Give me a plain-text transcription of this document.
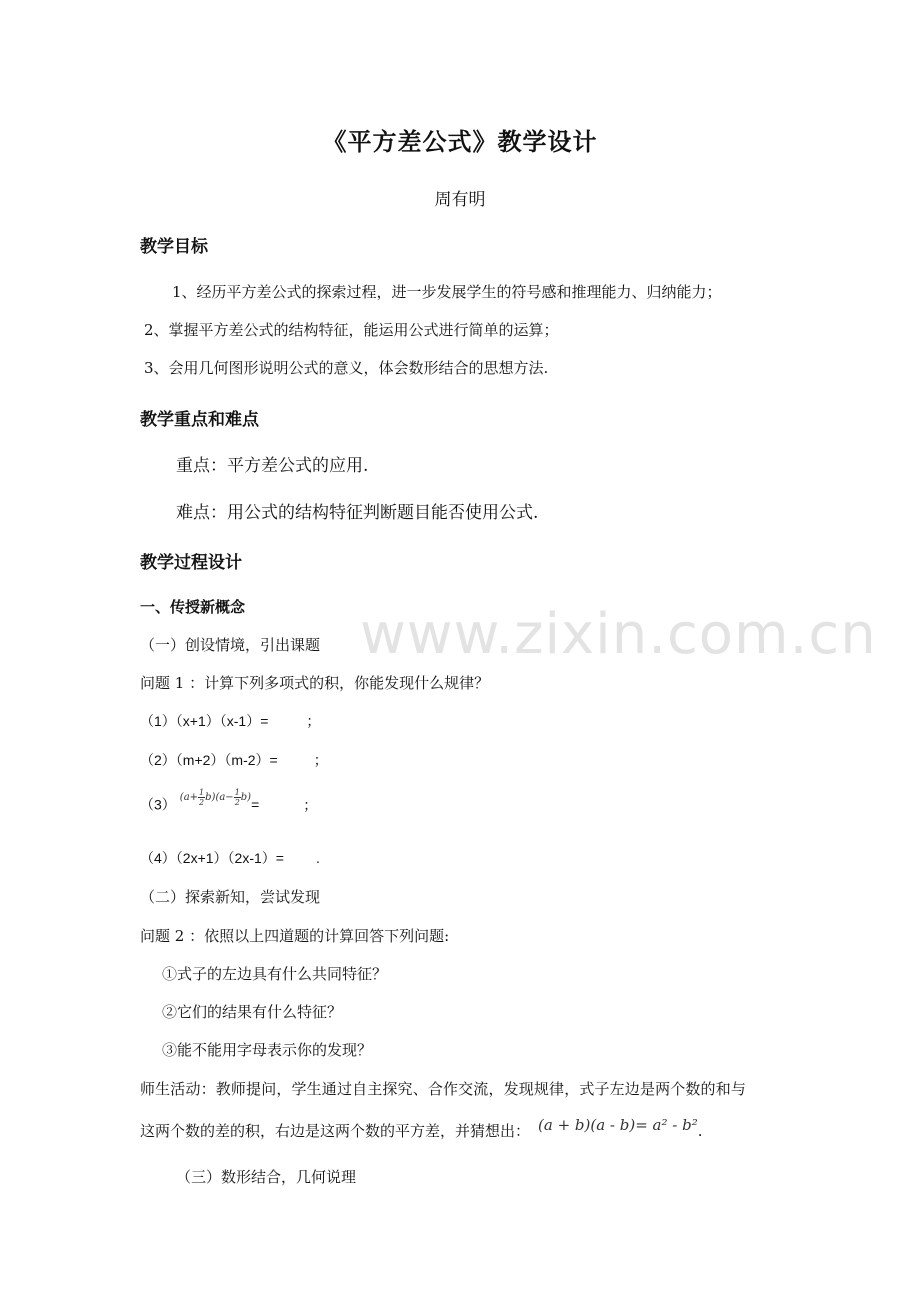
www.zixin.com.cn
《平方差公式》教学设计
周有明
教学目标
1、经历平方差公式的探索过程，进一步发展学生的符号感和推理能力、归纳能力；
2、掌握平方差公式的结构特征，能运用公式进行简单的运算；
3、会用几何图形说明公式的意义，体会数形结合的思想方法.
教学重点和难点
重点：平方差公式的应用.
难点：用公式的结构特征判断题目能否使用公式.
教学过程设计
一、传授新概念
（一）创设情境，引出课题
问题 1 ：计算下列多项式的积，你能发现什么规律？
（1）（x+1）（x-1）=	；
（2）（m+2）（m-2）=	；
（3） $^{(a+ \frac{1}{2} b)(a- \frac{1}{2} b)}$=	；
（4）（2x+1）（2x-1）= .
（二）探索新知，尝试发现
问题 2 ：依照以上四道题的计算回答下列问题:
①式子的左边具有什么共同特征？
②它们的结果有什么特征？
③能不能用字母表示你的发现？
师生活动：教师提问，学生通过自主探究、合作交流，发现规律，式子左边是两个数的和与
这两个数的差的积，右边是这两个数的平方差，并猜想出： (a + b)(a - b)= a² - b².
（三）数形结合，几何说理
